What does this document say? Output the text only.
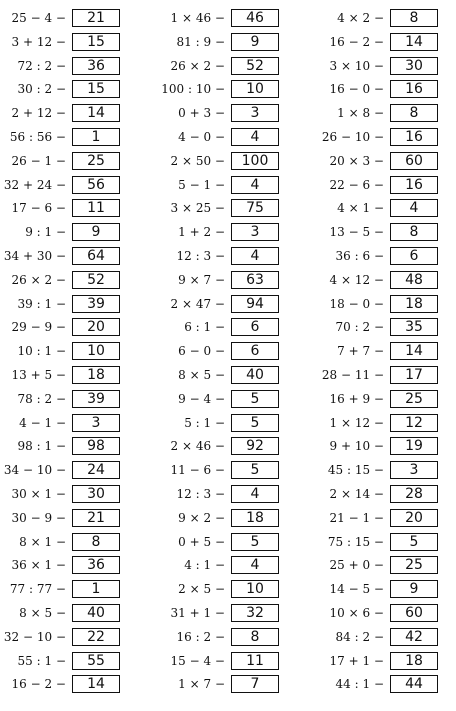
25 − 4 −	21
3 + 12 −	15
72 : 2 −	36
30 : 2 −	15
2 + 12 −	14
56 : 56 −	1
26 − 1 −	25
32 + 24 −	56
17 − 6 −	11
9 : 1 −	9
34 + 30 −	64
26 × 2 −	52
39 : 1 −	39
29 − 9 −	20
10 : 1 −	10
13 + 5 −	18
78 : 2 −	39
4 − 1 −	3
98 : 1 −	98
34 − 10 −	24
30 × 1 −	30
30 − 9 −	21
8 × 1 −	8
36 × 1 −	36
77 : 77 −	1
8 × 5 −	40
32 − 10 −	22
55 : 1 −	55
16 − 2 −	14
1 × 46 −	46
81 : 9 −	9
26 × 2 −	52
100 : 10 −	10
0 + 3 −	3
4 − 0 −	4
2 × 50 −	100
5 − 1 −	4
3 × 25 −	75
1 + 2 −	3
12 : 3 −	4
9 × 7 −	63
2 × 47 −	94
6 : 1 −	6
6 − 0 −	6
8 × 5 −	40
9 − 4 −	5
5 : 1 −	5
2 × 46 −	92
11 − 6 −	5
12 : 3 −	4
9 × 2 −	18
0 + 5 −	5
4 : 1 −	4
2 × 5 −	10
31 + 1 −	32
16 : 2 −	8
15 − 4 −	11
1 × 7 −	7
4 × 2 −	8
16 − 2 −	14
3 × 10 −	30
16 − 0 −	16
1 × 8 −	8
26 − 10 −	16
20 × 3 −	60
22 − 6 −	16
4 × 1 −	4
13 − 5 −	8
36 : 6 −	6
4 × 12 −	48
18 − 0 −	18
70 : 2 −	35
7 + 7 −	14
28 − 11 −	17
16 + 9 −	25
1 × 12 −	12
9 + 10 −	19
45 : 15 −	3
2 × 14 −	28
21 − 1 −	20
75 : 15 −	5
25 + 0 −	25
14 − 5 −	9
10 × 6 −	60
84 : 2 −	42
17 + 1 −	18
44 : 1 −	44
